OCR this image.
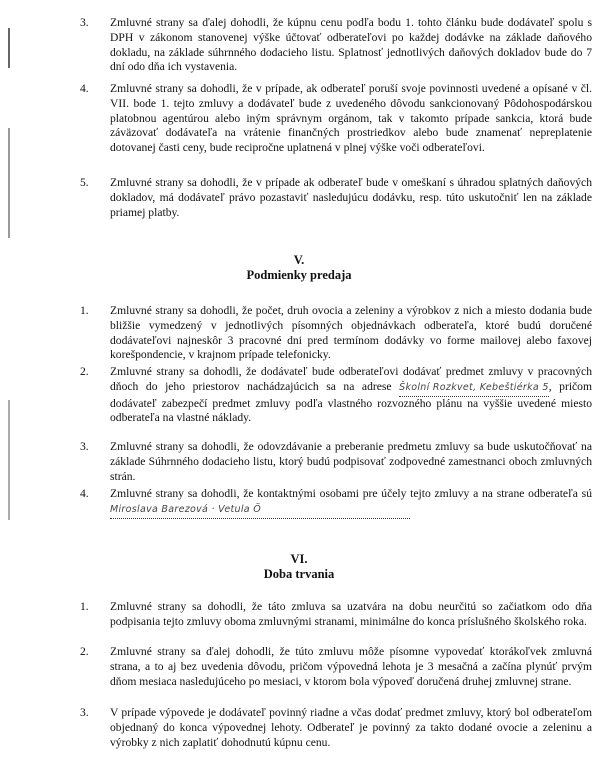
3.	Zmluvné strany sa ďalej dohodli, že kúpnu cenu podľa bodu 1. tohto článku bude dodávateľ spolu s DPH v zákonom stanovenej výške účtovať odberateľovi po každej dodávke na základe daňového dokladu, na základe súhrnného dodacieho listu. Splatnosť jednotlivých daňových dokladov bude do 7 dní odo dňa ich vystavenia.
4.	Zmluvné strany sa dohodli, že v prípade, ak odberateľ poruší svoje povinnosti uvedené a opísané v čl. VII. bode 1. tejto zmluvy a dodávateľ bude z uvedeného dôvodu sankcionovaný Pôdohospodárskou platobnou agentúrou alebo iným správnym orgánom, tak v takomto prípade sankcia, ktorá bude záväzovať dodávateľa na vrátenie finančných prostriedkov alebo bude znamenať nepreplatenie dotovanej časti ceny, bude recipročne uplatnená v plnej výške voči odberateľovi.
5.	Zmluvné strany sa dohodli, že v prípade ak odberateľ bude v omeškaní s úhradou splatných daňových dokladov, má dodávateľ právo pozastaviť nasledujúcu dodávku, resp. túto uskutočniť len na základe priamej platby.
V.
Podmienky predaja
1.	Zmluvné strany sa dohodli, že počet, druh ovocia a zeleniny a výrobkov z nich a miesto dodania bude bližšie vymedzený v jednotlivých písomných objednávkach odberateľa, ktoré budú doručené dodávateľovi najneskôr 3 pracovné dni pred termínom dodávky vo forme mailovej alebo faxovej korešpondencie, v krajnom prípade telefonicky.
2.	Zmluvné strany sa dohodli, že dodávateľ bude odberateľovi dodávať predmet zmluvy v pracovných dňoch do jeho priestorov nachádzajúcich sa na adrese Školní Rozkvet, Kebeštiérka 5, pričom dodávateľ zabezpečí predmet zmluvy podľa vlastného rozvozného plánu na vyššie uvedené miesto odberateľa na vlastné náklady.
3.	Zmluvné strany sa dohodli, že odovzdávanie a preberanie predmetu zmluvy sa bude uskutočňovať na základe Súhrnného dodacieho listu, ktorý budú podpisovať zodpovedné zamestnanci oboch zmluvných strán.
4.	Zmluvné strany sa dohodli, že kontaktnými osobami pre účely tejto zmluvy a na strane odberateľa sú Miroslava Barezová · Vetula Ö
VI.
Doba trvania
1.	Zmluvné strany sa dohodli, že táto zmluva sa uzatvára na dobu neurčitú so začiatkom odo dňa podpisania tejto zmluvy oboma zmluvnými stranami, minimálne do konca príslušného školského roka.
2.	Zmluvné strany sa ďalej dohodli, že túto zmluvu môže písomne vypovedať ktorákoľvek zmluvná strana, a to aj bez uvedenia dôvodu, pričom výpovedná lehota je 3 mesačná a začína plynúť prvým dňom mesiaca nasledujúceho po mesiaci, v ktorom bola výpoveď doručená druhej zmluvnej strane.
3.	V prípade výpovede je dodávateľ povinný riadne a včas dodať predmet zmluvy, ktorý bol odberateľom objednaný do konca výpovednej lehoty. Odberateľ je povinný za takto dodané ovocie a zeleninu a výrobky z nich zaplatiť dohodnutú kúpnu cenu.
